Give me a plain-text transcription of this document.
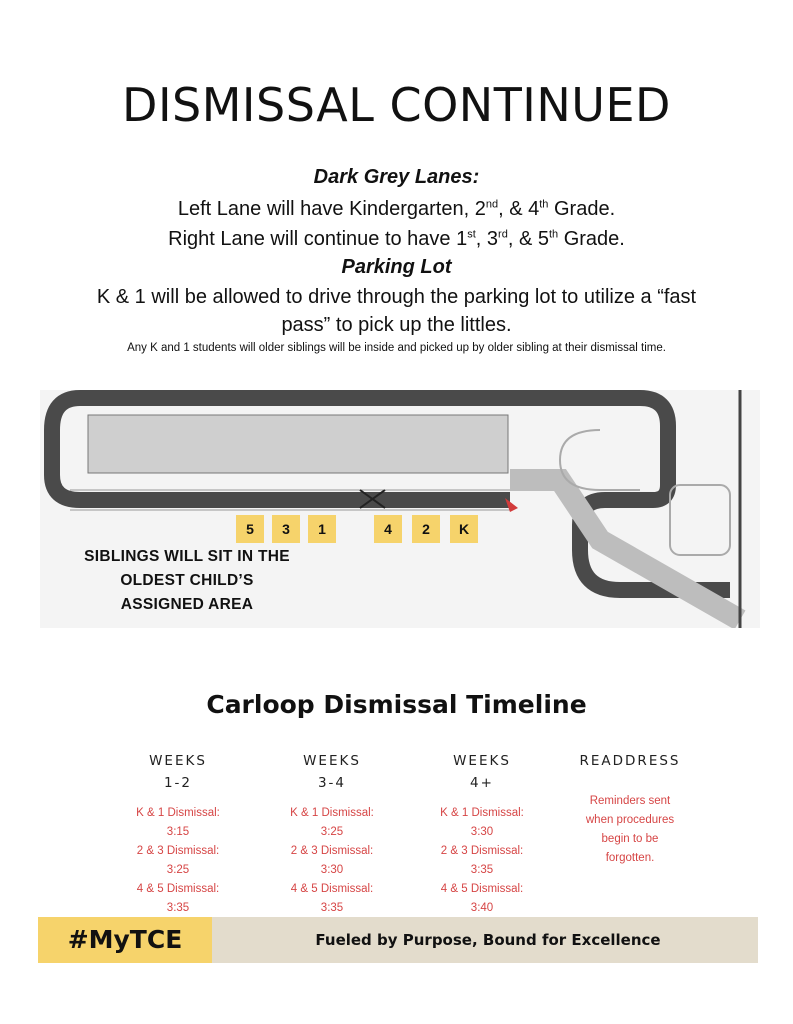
DISMISSAL CONTINUED
Dark Grey Lanes:
Left Lane will have Kindergarten, 2nd, & 4th Grade.
Right Lane will continue to have 1st, 3rd, & 5th Grade.
Parking Lot
K & 1 will be allowed to drive through the parking lot to utilize a “fast
pass” to pick up the littles.
Any K and 1 students will older siblings will be inside and picked up by older sibling at their dismissal time.
5	3	1	4	2	K
SIBLINGS WILL SIT IN THE
OLDEST CHILD’S
ASSIGNED AREA
Carloop Dismissal Timeline
WEEKS
1-2
K & 1 Dismissal:
3:15
2 & 3 Dismissal:
3:25
4 & 5 Dismissal:
3:35
WEEKS
3-4
K & 1 Dismissal:
3:25
2 & 3 Dismissal:
3:30
4 & 5 Dismissal:
3:35
WEEKS
4+
K & 1 Dismissal:
3:30
2 & 3 Dismissal:
3:35
4 & 5 Dismissal:
3:40
READDRESS
Reminders sent
when procedures
begin to be
forgotten.
#MyTCE	Fueled by Purpose, Bound for Excellence
